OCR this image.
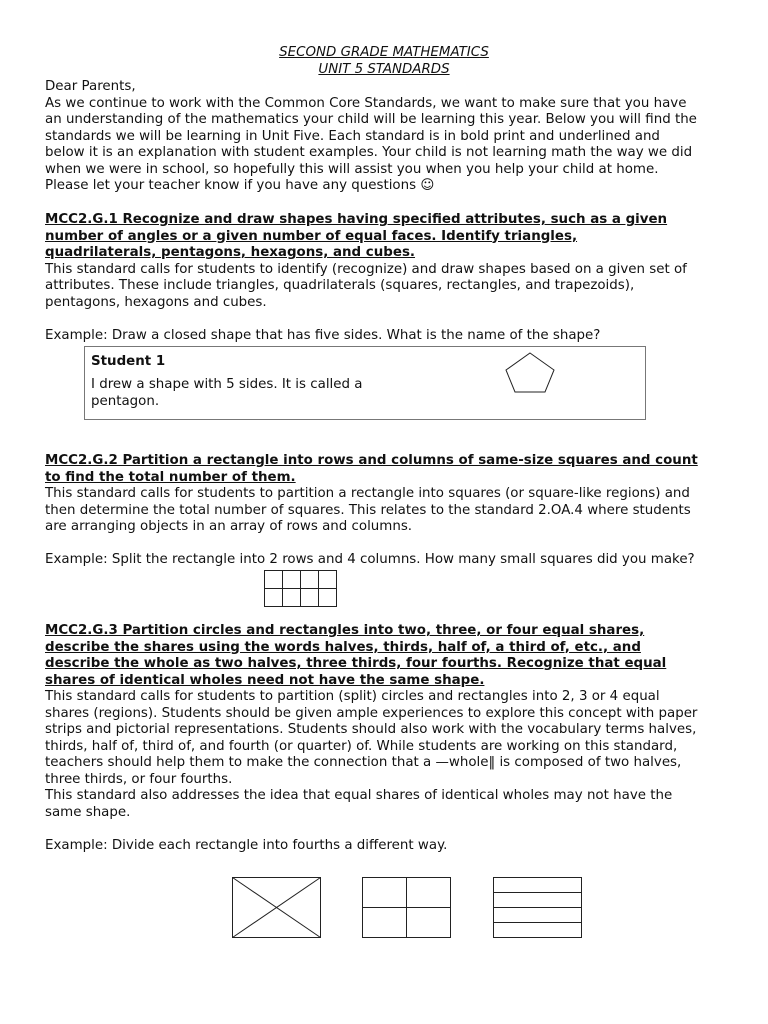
SECOND GRADE MATHEMATICS
UNIT 5 STANDARDS
Dear Parents,
As we continue to work with the Common Core Standards, we want to make sure that you have
an understanding of the mathematics your child will be learning this year. Below you will find the
standards we will be learning in Unit Five. Each standard is in bold print and underlined and
below it is an explanation with student examples. Your child is not learning math the way we did
when we were in school, so hopefully this will assist you when you help your child at home.
Please let your teacher know if you have any questions ☺
MCC2.G.1 Recognize and draw shapes having specified attributes, such as a given
number of angles or a given number of equal faces. Identify triangles,
quadrilaterals, pentagons, hexagons, and cubes.
This standard calls for students to identify (recognize) and draw shapes based on a given set of
attributes. These include triangles, quadrilaterals (squares, rectangles, and trapezoids),
pentagons, hexagons and cubes.
Example: Draw a closed shape that has five sides. What is the name of the shape?
Student 1
I drew a shape with 5 sides. It is called a pentagon.
MCC2.G.2 Partition a rectangle into rows and columns of same-size squares and count
to find the total number of them.
This standard calls for students to partition a rectangle into squares (or square-like regions) and
then determine the total number of squares. This relates to the standard 2.OA.4 where students
are arranging objects in an array of rows and columns.
Example: Split the rectangle into 2 rows and 4 columns. How many small squares did you make?
MCC2.G.3 Partition circles and rectangles into two, three, or four equal shares,
describe the shares using the words halves, thirds, half of, a third of, etc., and
describe the whole as two halves, three thirds, four fourths. Recognize that equal
shares of identical wholes need not have the same shape.
This standard calls for students to partition (split) circles and rectangles into 2, 3 or 4 equal
shares (regions). Students should be given ample experiences to explore this concept with paper
strips and pictorial representations. Students should also work with the vocabulary terms halves,
thirds, half of, third of, and fourth (or quarter) of. While students are working on this standard,
teachers should help them to make the connection that a —whole‖ is composed of two halves,
three thirds, or four fourths.
This standard also addresses the idea that equal shares of identical wholes may not have the
same shape.
Example: Divide each rectangle into fourths a different way.
